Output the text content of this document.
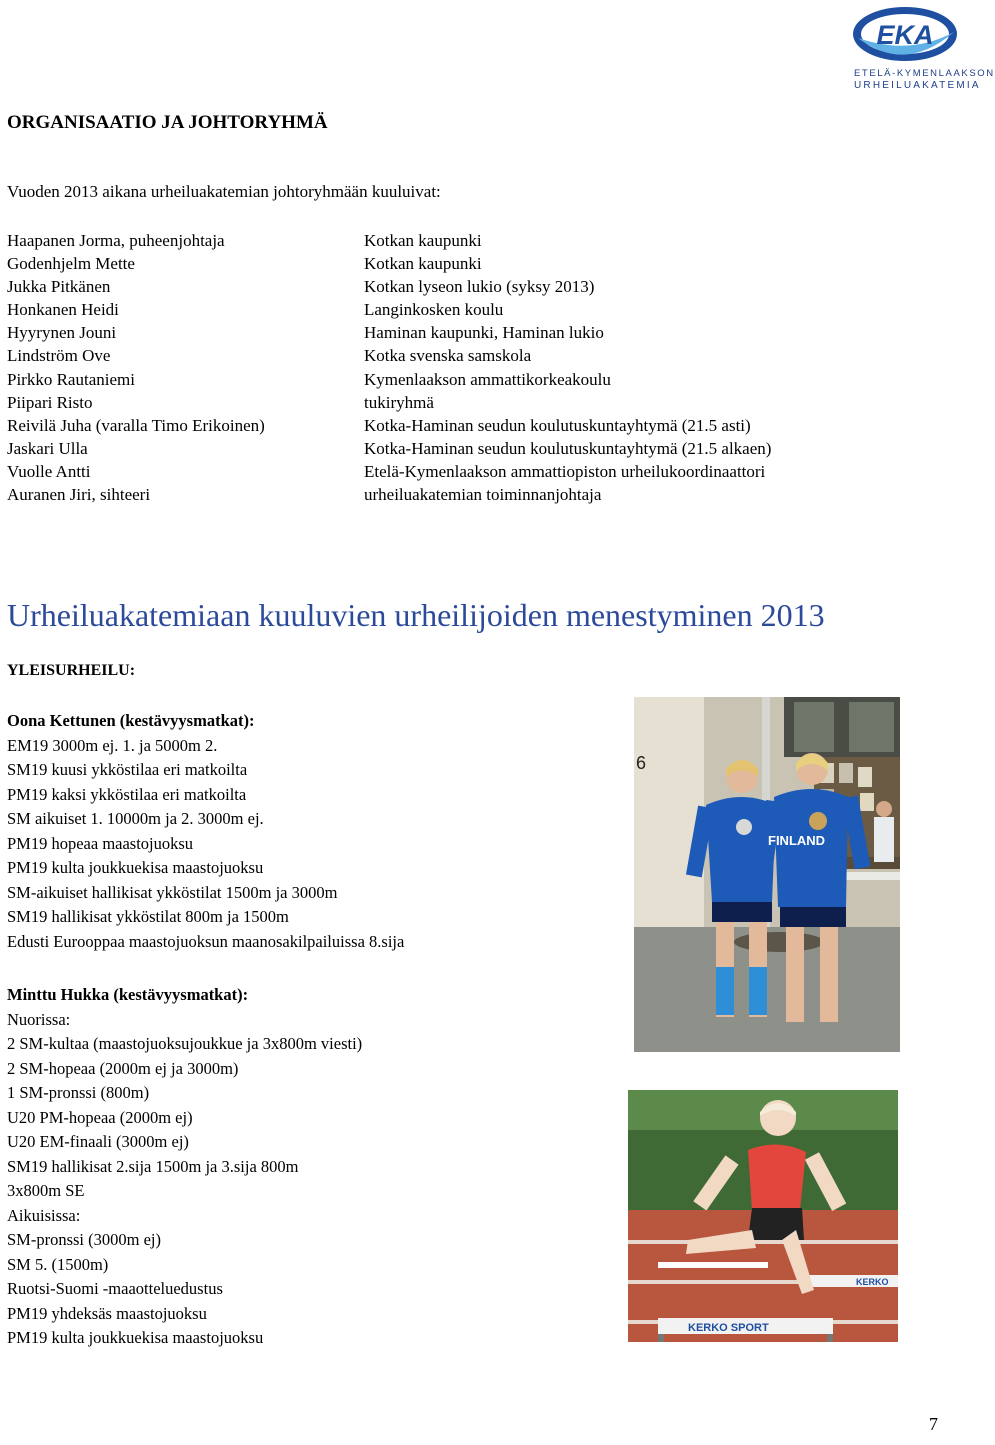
EKA
ETELÄ-KYMENLAAKSON
URHEILUAKATEMIA
ORGANISAATIO JA JOHTORYHMÄ
Vuoden 2013 aikana urheiluakatemian johtoryhmään kuuluivat:
Haapanen Jorma, puheenjohtaja	Kotkan kaupunki
Godenhjelm Mette	Kotkan kaupunki
Jukka Pitkänen	Kotkan lyseon lukio (syksy 2013)
Honkanen Heidi	Langinkosken koulu
Hyyrynen Jouni	Haminan kaupunki, Haminan lukio
Lindström Ove	Kotka svenska samskola
Pirkko Rautaniemi	Kymenlaakson ammattikorkeakoulu
Piipari Risto	tukiryhmä
Reivilä Juha (varalla Timo Erikoinen)	Kotka-Haminan seudun koulutuskuntayhtymä (21.5 asti)
Jaskari Ulla	Kotka-Haminan seudun koulutuskuntayhtymä (21.5 alkaen)
Vuolle Antti	Etelä-Kymenlaakson ammattiopiston urheilukoordinaattori
Auranen Jiri, sihteeri	urheiluakatemian toiminnanjohtaja
Urheiluakatemiaan kuuluvien urheilijoiden menestyminen 2013
YLEISURHEILU:
Oona Kettunen (kestävyysmatkat):
EM19 3000m ej. 1. ja 5000m 2.
SM19 kuusi ykköstilaa eri matkoilta
PM19 kaksi ykköstilaa eri matkoilta
SM aikuiset 1. 10000m ja 2. 3000m ej.
PM19 hopeaa maastojuoksu
PM19 kulta joukkuekisa maastojuoksu
SM-aikuiset hallikisat ykköstilat 1500m ja 3000m
SM19 hallikisat ykköstilat 800m ja 1500m
Edusti Eurooppaa maastojuoksun maanosakilpailuissa 8.sija
Minttu Hukka (kestävyysmatkat):
Nuorissa:
2 SM-kultaa (maastojuoksujoukkue ja 3x800m viesti)
2 SM-hopeaa (2000m ej ja 3000m)
1 SM-pronssi (800m)
U20 PM-hopeaa (2000m ej)
U20 EM-finaali (3000m ej)
SM19 hallikisat 2.sija 1500m ja 3.sija 800m
3x800m SE
Aikuisissa:
SM-pronssi (3000m ej)
SM 5. (1500m)
Ruotsi-Suomi -maaotteluedustus
PM19 yhdeksäs maastojuoksu
PM19 kulta joukkuekisa maastojuoksu
6
FINLAND
KERKO
KERKO SPORT
7
